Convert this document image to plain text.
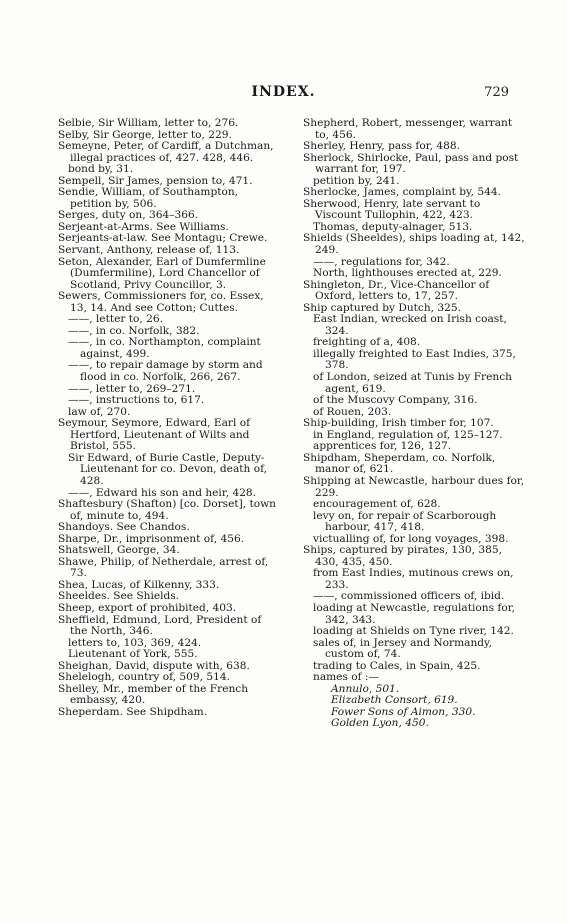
INDEX.	729

Selbie, Sir William, letter to, 276.

Selby, Sir George, letter to, 229.

Semeyne, Peter, of Cardiff, a Dutchman, illegal practices of, 427. 428, 446.

bond by, 31.

Sempell, Sir James, pension to, 471.

Sendie, William, of Southampton, petition by, 506.

Serges, duty on, 364–366.

Serjeant-at-Arms. See Williams.

Serjeants-at-law. See Montagu; Crewe.

Servant, Anthony, release of, 113.

Seton, Alexander, Earl of Dumfermline (Dumfermiline), Lord Chancellor of Scotland, Privy Councillor, 3.

Sewers, Commissioners for, co. Essex, 13, 14. And see Cotton; Cuttes.

——, letter to, 26.

——, in co. Norfolk, 382.

——, in co. Northampton, complaint against, 499.

——, to repair damage by storm and flood in co. Norfolk, 266, 267.

——, letter to, 269–271.

——, instructions to, 617.

law of, 270.

Seymour, Seymore, Edward, Earl of Hertford, Lieutenant of Wilts and Bristol, 555.

Sir Edward, of Burie Castle, Deputy-Lieutenant for co. Devon, death of, 428.

——, Edward his son and heir, 428.

Shaftesbury (Shafton) [co. Dorset], town of, minute to, 494.

Shandoys. See Chandos.

Sharpe, Dr., imprisonment of, 456.

Shatswell, George, 34.

Shawe, Philip, of Netherdale, arrest of, 73.

Shea, Lucas, of Kilkenny, 333.

Sheeldes. See Shields.

Sheep, export of prohibited, 403.

Sheffield, Edmund, Lord, President of the North, 346.

letters to, 103, 369, 424.

Lieutenant of York, 555.

Sheighan, David, dispute with, 638.

Shelelogh, country of, 509, 514.

Shelley, Mr., member of the French embassy, 420.

Sheperdam. See Shipdham.

Shepherd, Robert, messenger, warrant to, 456.

Sherley, Henry, pass for, 488.

Sherlock, Shirlocke, Paul, pass and post warrant for, 197.

petition by, 241.

Sherlocke, James, complaint by, 544.

Sherwood, Henry, late servant to Viscount Tullophin, 422, 423.

Thomas, deputy-alnager, 513.

Shields (Sheeldes), ships loading at, 142, 249.

——, regulations for, 342.

North, lighthouses erected at, 229.

Shingleton, Dr., Vice-Chancellor of Oxford, letters to, 17, 257.

Ship captured by Dutch, 325.

East Indian, wrecked on Irish coast, 324.

freighting of a, 408.

illegally freighted to East Indies, 375, 378.

of London, seized at Tunis by French agent, 619.

of the Muscovy Company, 316.

of Rouen, 203.

Ship-building, Irish timber for, 107.

in England, regulation of, 125–127.

apprentices for, 126, 127.

Shipdham, Sheperdam, co. Norfolk, manor of, 621.

Shipping at Newcastle, harbour dues for, 229.

encouragement of, 628.

levy on, for repair of Scarborough harbour, 417, 418.

victualling of, for long voyages, 398.

Ships, captured by pirates, 130, 385, 430, 435, 450.

from East Indies, mutinous crews on, 233.

——, commissioned officers of, ibid.

loading at Newcastle, regulations for, 342, 343.

loading at Shields on Tyne river, 142.

sales of, in Jersey and Normandy, custom of, 74.

trading to Cales, in Spain, 425.

names of :—

Annulo, 501.

Elizabeth Consort, 619.

Fower Sons of Aimon, 330.

Golden Lyon, 450.
